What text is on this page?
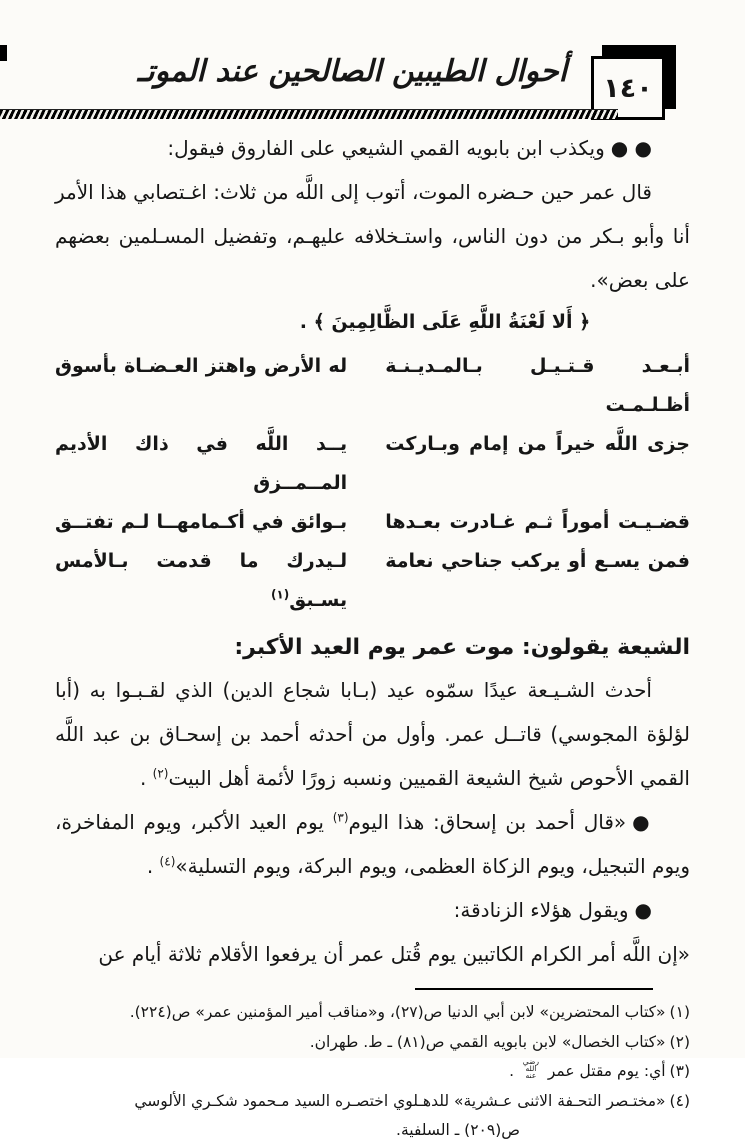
أحوال الطيبين الصالحين عند الموتـ ١٤٠

● ●ويكذب ابن بابويه القمي الشيعي على الفاروق فيقول:

قال عمر حين حـضره الموت، أتوب إلى اللَّه من ثلاث: اغـتصابي هذا الأمر أنا وأبو بـكر من دون الناس، واستـخلافه عليهـم، وتفضيل المسـلمين بعضهم على بعض».

﴿ أَلا لَعْنَةُ اللَّهِ عَلَى الظَّالِمِينَ ﴾ .

أبـعـد قـتـيـل بـالمـديـنـة أظـلـمـت
له الأرض واهتز العـضـاة بأسوق
جزى اللَّه خيراً من إمام وبـاركت
يــد اللَّه في ذاك الأديم المــمــزق
قضـيـت أموراً ثـم غـادرت بعـدها
بـوائق في أكـمامهــا لـم تفتــق
فمن يسـع أو يركب جناحي نعامة
لـيدرك ما قدمت بـالأمس يسـبق$^{(١)}$
الشيعة يقولون: موت عمر يوم العيد الأكبر:

أحدث الشـيـعة عيدًا سمّوه عيد (بـابا شجاع الدين) الذي لقـبـوا به (أبا لؤلؤة المجوسي) قاتــل عمر. وأول من أحدثه أحمد بن إسحـاق بن عبد اللَّه القمي الأحوص شيخ الشيعة القميين ونسبه زورًا لأئمة أهل البيت$^{(٢)}$ .

●«قال أحمد بن إسحاق: هذا اليوم$^{(٣)}$ يوم العيد الأكبر، ويوم المفاخرة، ويوم التبجيل، ويوم الزكاة العظمى، ويوم البركة، ويوم التسلية»$^{(٤)}$ .

●ويقول هؤلاء الزنادقة:

«إن اللَّه أمر الكرام الكاتبين يوم قُتل عمر أن يرفعوا الأقلام ثلاثة أيام عن

(١)«كتاب المحتضرين» لابن أبي الدنيا ص(٢٧)، و«مناقب أمير المؤمنين عمر» ص(٢٢٤).

(٢)«كتاب الخصال» لابن بابويه القمي ص(٨١) ـ ط. طهران.

(٣)أي: يوم مقتل عمر رضي الله عنه .

(٤)«مختـصر التحـفة الاثنى عـشرية» للدهـلوي اختصـره السيد مـحمود شكـري الألوسي

ص(٢٠٩) ـ السلفية.
